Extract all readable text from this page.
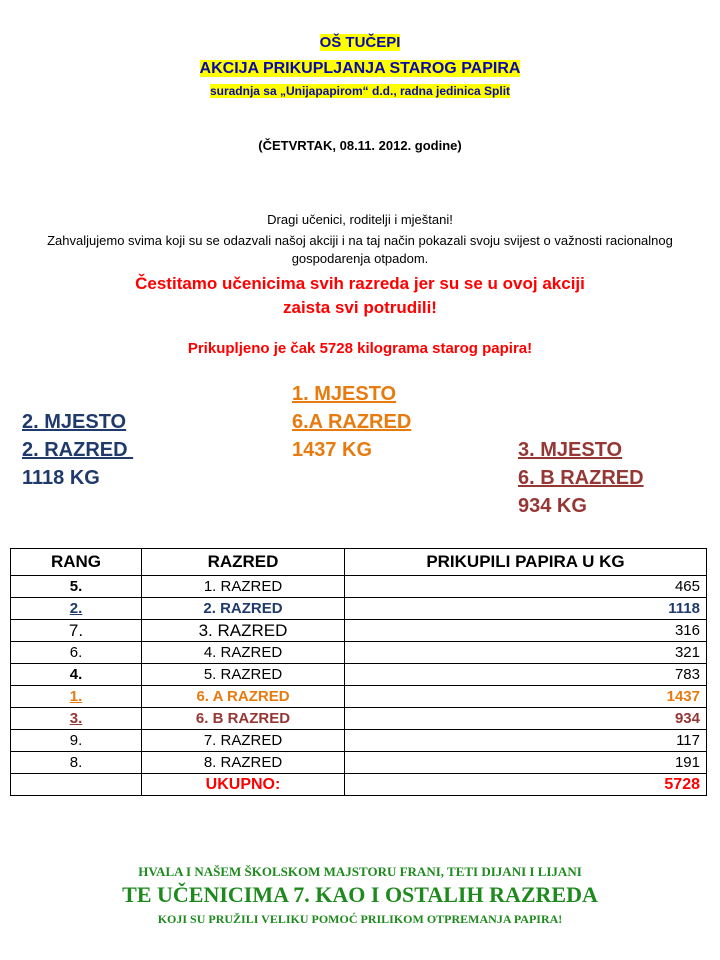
OŠ TUČEPI
AKCIJA PRIKUPLJANJA STAROG PAPIRA
suradnja sa „Unijapapirom“ d.d., radna jedinica Split
(ČETVRTAK, 08.11. 2012. godine)
Dragi učenici, roditelji i mještani!
Zahvaljujemo svima koji su se odazvali našoj akciji i na taj način pokazali svoju svijest o važnosti racionalnog gospodarenja otpadom.
Čestitamo učenicima svih razreda jer su se u ovoj akciji
zaista svi potrudili!
Prikupljeno je čak 5728 kilograma starog papira!
1. MJESTO
6.A RAZRED
1437 KG
2. MJESTO
2. RAZRED
1118 KG
3. MJESTO
6. B RAZRED
934 KG
RANG	RAZRED	PRIKUPILI PAPIRA U KG
5.	1. RAZRED	465
2.	2. RAZRED	1118
7.	3. RAZRED	316
6.	4. RAZRED	321
4.	5. RAZRED	783
1.	6. A RAZRED	1437
3.	6. B RAZRED	934
9.	7. RAZRED	117
8.	8. RAZRED	191
	UKUPNO:	5728
HVALA I NAŠEM ŠKOLSKOM MAJSTORU FRANI, TETI DIJANI I LIJANI
TE UČENICIMA 7. KAO I OSTALIH RAZREDA
KOJI SU PRUŽILI VELIKU POMOĆ PRILIKOM OTPREMANJA PAPIRA!
